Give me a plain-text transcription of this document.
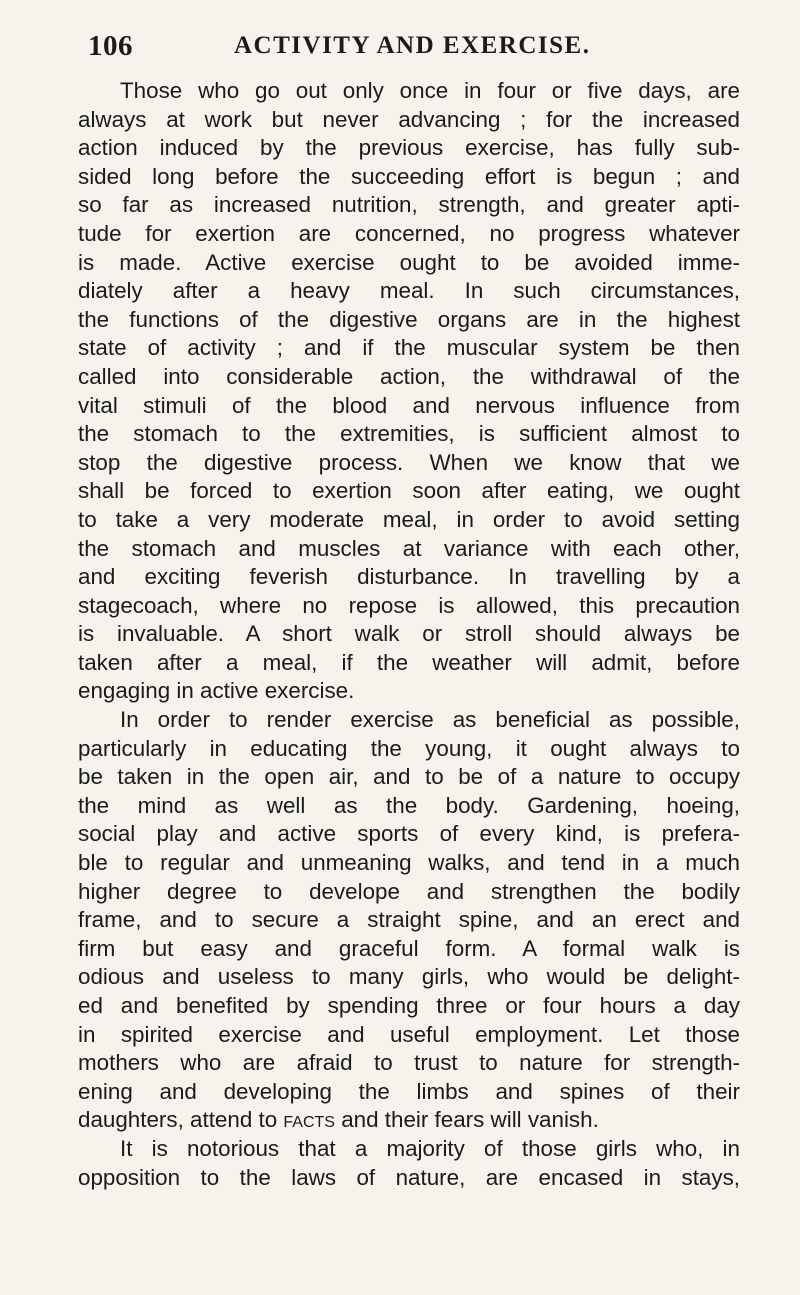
106	ACTIVITY AND EXERCISE.
Those who go out only once in four or five days, are
always at work but never advancing ; for the increased
action induced by the previous exercise, has fully sub-
sided long before the succeeding effort is begun ; and
so far as increased nutrition, strength, and greater apti-
tude for exertion are concerned, no progress whatever
is made. Active exercise ought to be avoided imme-
diately after a heavy meal. In such circumstances,
the functions of the digestive organs are in the highest
state of activity ; and if the muscular system be then
called into considerable action, the withdrawal of the
vital stimuli of the blood and nervous influence from
the stomach to the extremities, is sufficient almost to
stop the digestive process. When we know that we
shall be forced to exertion soon after eating, we ought
to take a very moderate meal, in order to avoid setting
the stomach and muscles at variance with each other,
and exciting feverish disturbance. In travelling by a
stagecoach, where no repose is allowed, this precaution
is invaluable. A short walk or stroll should always be
taken after a meal, if the weather will admit, before
engaging in active exercise.
In order to render exercise as beneficial as possible,
particularly in educating the young, it ought always to
be taken in the open air, and to be of a nature to occupy
the mind as well as the body. Gardening, hoeing,
social play and active sports of every kind, is prefera-
ble to regular and unmeaning walks, and tend in a much
higher degree to develope and strengthen the bodily
frame, and to secure a straight spine, and an erect and
firm but easy and graceful form. A formal walk is
odious and useless to many girls, who would be delight-
ed and benefited by spending three or four hours a day
in spirited exercise and useful employment. Let those
mothers who are afraid to trust to nature for strength-
ening and developing the limbs and spines of their
daughters, attend to facts and their fears will vanish.
It is notorious that a majority of those girls who, in
opposition to the laws of nature, are encased in stays,
